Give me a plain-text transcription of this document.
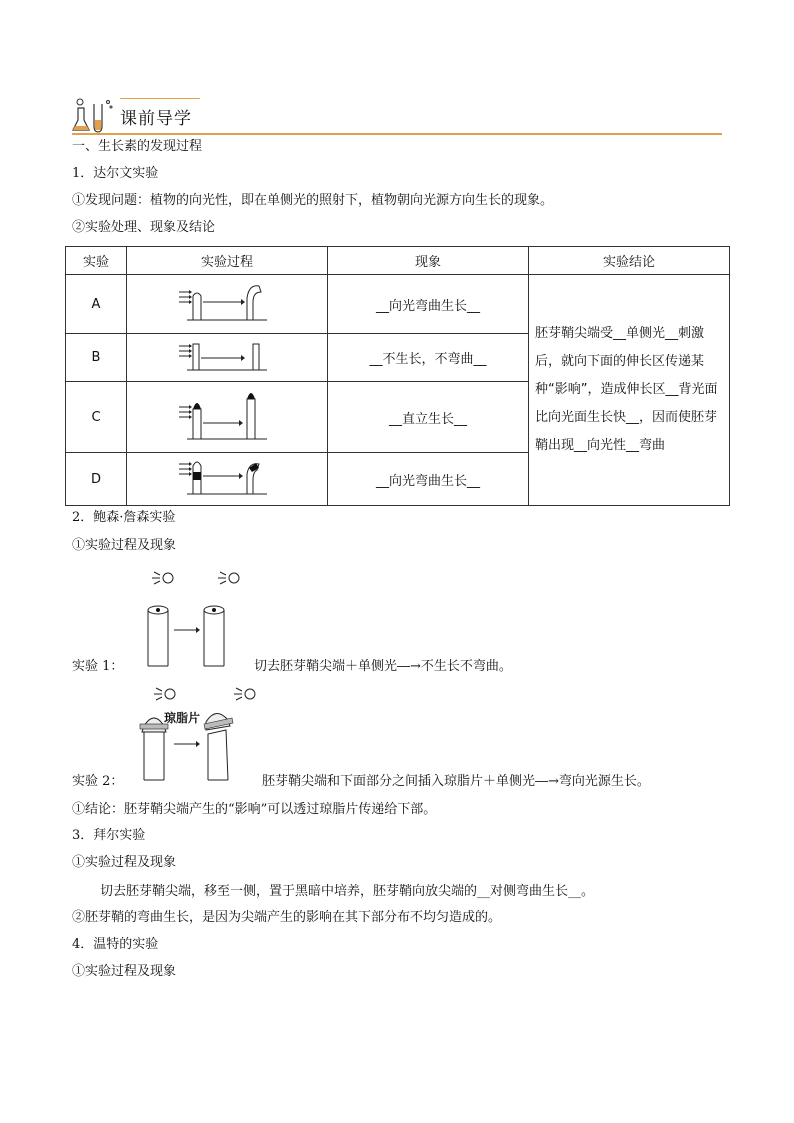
课前导学
一、生长素的发现过程
1．达尔文实验
①发现问题：植物的向光性，即在单侧光的照射下，植物朝向光源方向生长的现象。
②实验处理、现象及结论
实验	实验过程	现象	实验结论
A		__向光弯曲生长__	胚芽鞘尖端受__单侧光__刺激后，就向下面的伸长区传递某种“影响”，造成伸长区__背光面比向光面生长快__，因而使胚芽鞘出现__向光性__弯曲
B		__不生长，不弯曲__	
C		__直立生长__	
D		__向光弯曲生长__	
2．鲍森·詹森实验
①实验过程及现象
实验 1：	切去胚芽鞘尖端＋单侧光―→不生长不弯曲。
琼脂片
实验 2：	胚芽鞘尖端和下面部分之间插入琼脂片＋单侧光―→弯向光源生长。
①结论：胚芽鞘尖端产生的“影响”可以透过琼脂片传递给下部。
3．拜尔实验
①实验过程及现象
切去胚芽鞘尖端，移至一侧，置于黑暗中培养，胚芽鞘向放尖端的__对侧弯曲生长__。
②胚芽鞘的弯曲生长，是因为尖端产生的影响在其下部分布不均匀造成的。
4．温特的实验
①实验过程及现象
